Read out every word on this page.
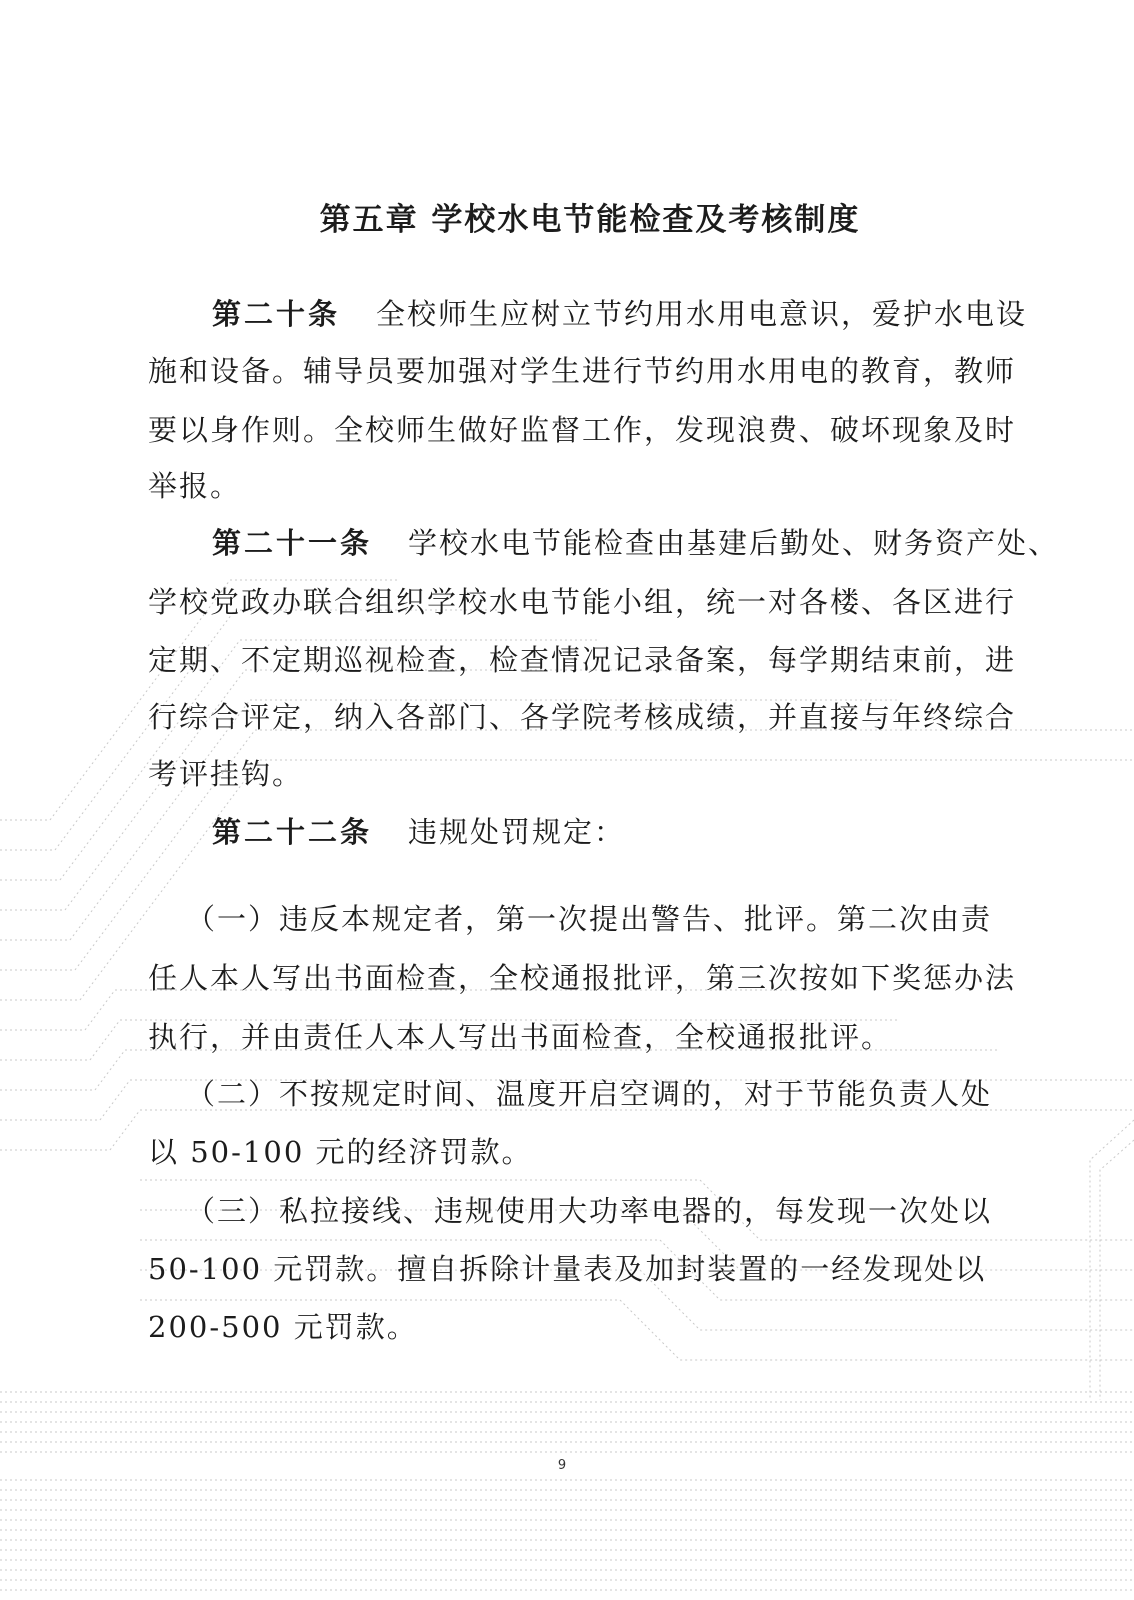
第五章 学校水电节能检查及考核制度
第二十条 全校师生应树立节约用水用电意识，爱护水电设
施和设备。辅导员要加强对学生进行节约用水用电的教育，教师
要以身作则。全校师生做好监督工作，发现浪费、破坏现象及时
举报。
第二十一条 学校水电节能检查由基建后勤处、财务资产处、
学校党政办联合组织学校水电节能小组，统一对各楼、各区进行
定期、不定期巡视检查，检查情况记录备案，每学期结束前，进
行综合评定，纳入各部门、各学院考核成绩，并直接与年终综合
考评挂钩。
第二十二条 违规处罚规定：
（一）违反本规定者，第一次提出警告、批评。第二次由责
任人本人写出书面检查，全校通报批评，第三次按如下奖惩办法
执行，并由责任人本人写出书面检查，全校通报批评。
（二）不按规定时间、温度开启空调的，对于节能负责人处
以 50-100 元的经济罚款。
（三）私拉接线、违规使用大功率电器的，每发现一次处以
50-100 元罚款。擅自拆除计量表及加封装置的一经发现处以
200-500 元罚款。
9
